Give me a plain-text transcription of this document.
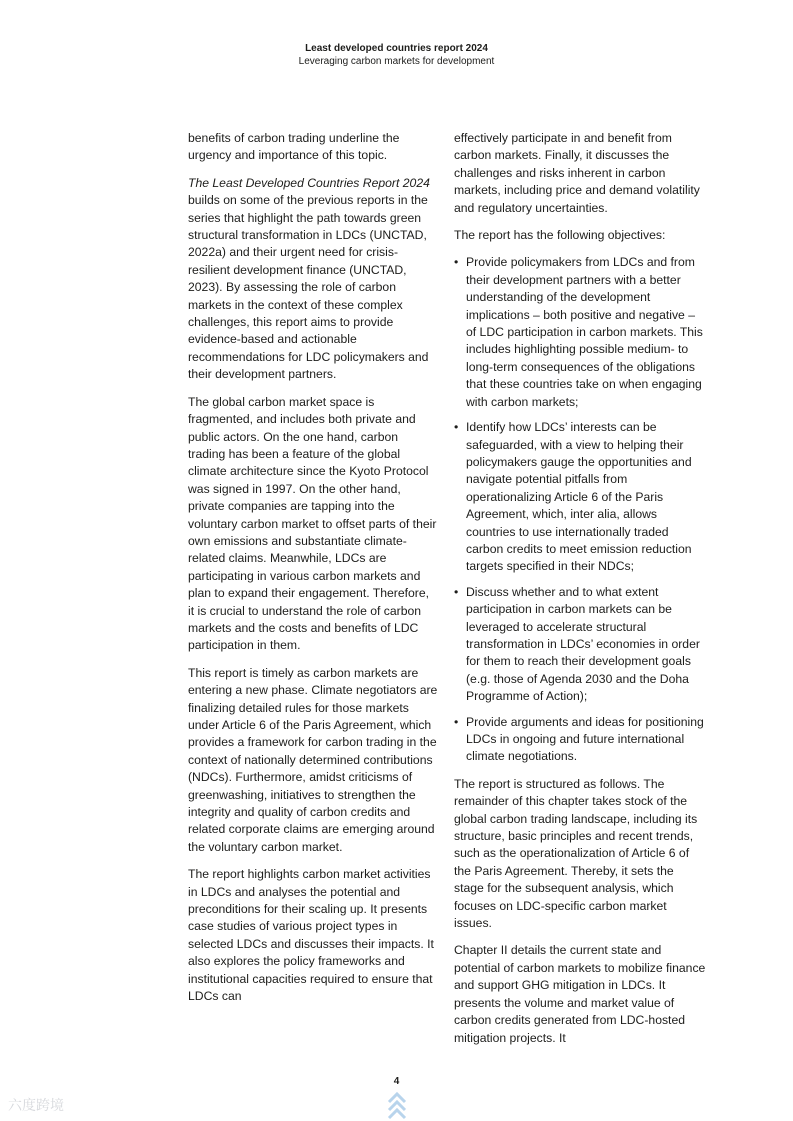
Least developed countries report 2024
Leveraging carbon markets for development

benefits of carbon trading underline the urgency and importance of this topic.

The Least Developed Countries Report 2024 builds on some of the previous reports in the series that highlight the path towards green structural transformation in LDCs (UNCTAD, 2022a) and their urgent need for crisis-resilient development finance (UNCTAD, 2023). By assessing the role of carbon markets in the context of these complex challenges, this report aims to provide evidence-based and actionable recommendations for LDC policymakers and their development partners.

The global carbon market space is fragmented, and includes both private and public actors. On the one hand, carbon trading has been a feature of the global climate architecture since the Kyoto Protocol was signed in 1997. On the other hand, private companies are tapping into the voluntary carbon market to offset parts of their own emissions and substantiate climate-related claims. Meanwhile, LDCs are participating in various carbon markets and plan to expand their engagement. Therefore, it is crucial to understand the role of carbon markets and the costs and benefits of LDC participation in them.

This report is timely as carbon markets are entering a new phase. Climate negotiators are finalizing detailed rules for those markets under Article 6 of the Paris Agreement, which provides a framework for carbon trading in the context of nationally determined contributions (NDCs). Furthermore, amidst criticisms of greenwashing, initiatives to strengthen the integrity and quality of carbon credits and related corporate claims are emerging around the voluntary carbon market.

The report highlights carbon market activities in LDCs and analyses the potential and preconditions for their scaling up. It presents case studies of various project types in selected LDCs and discusses their impacts. It also explores the policy frameworks and institutional capacities required to ensure that LDCs can

effectively participate in and benefit from carbon markets. Finally, it discusses the challenges and risks inherent in carbon markets, including price and demand volatility and regulatory uncertainties.

The report has the following objectives:

• Provide policymakers from LDCs and from their development partners with a better understanding of the development implications – both positive and negative – of LDC participation in carbon markets. This includes highlighting possible medium- to long-term consequences of the obligations that these countries take on when engaging with carbon markets;
• Identify how LDCs’ interests can be safeguarded, with a view to helping their policymakers gauge the opportunities and navigate potential pitfalls from operationalizing Article 6 of the Paris Agreement, which, inter alia, allows countries to use internationally traded carbon credits to meet emission reduction targets specified in their NDCs;
• Discuss whether and to what extent participation in carbon markets can be leveraged to accelerate structural transformation in LDCs’ economies in order for them to reach their development goals (e.g. those of Agenda 2030 and the Doha Programme of Action);
• Provide arguments and ideas for positioning LDCs in ongoing and future international climate negotiations.

The report is structured as follows. The remainder of this chapter takes stock of the global carbon trading landscape, including its structure, basic principles and recent trends, such as the operationalization of Article 6 of the Paris Agreement. Thereby, it sets the stage for the subsequent analysis, which focuses on LDC-specific carbon market issues.

Chapter II details the current state and potential of carbon markets to mobilize finance and support GHG mitigation in LDCs. It presents the volume and market value of carbon credits generated from LDC-hosted mitigation projects. It

4
六度跨境
